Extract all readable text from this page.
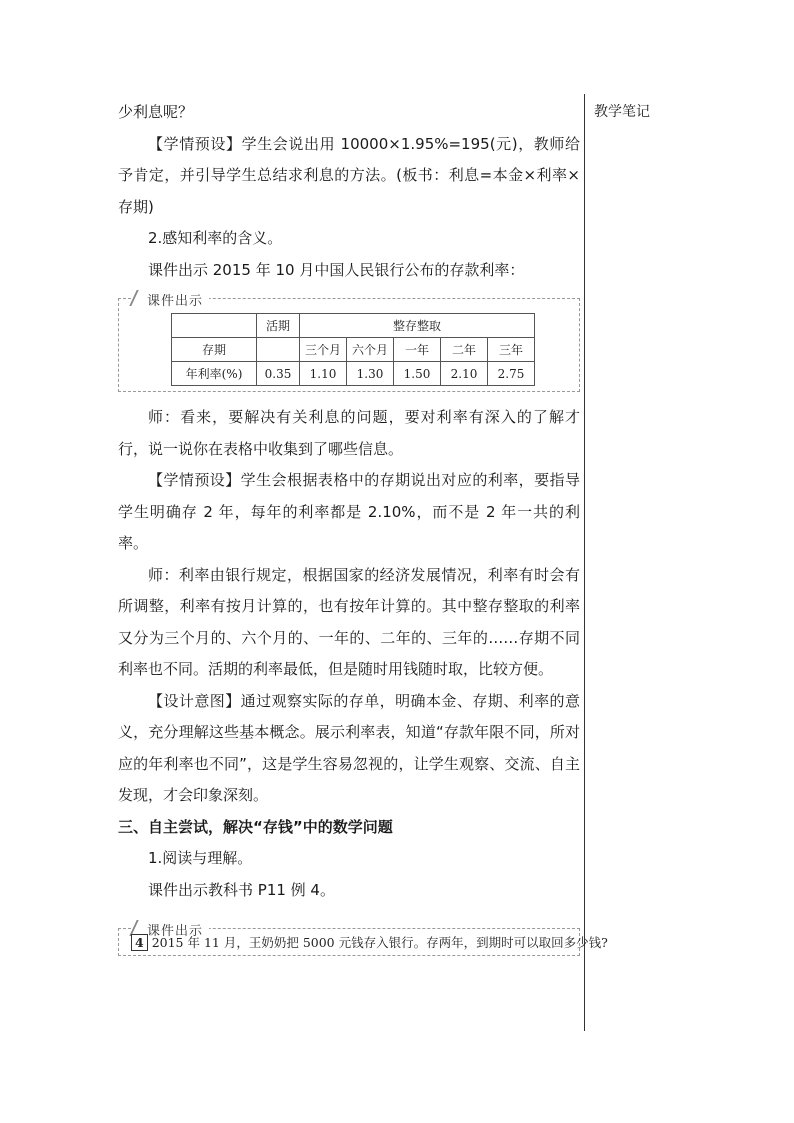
教学笔记

少利息呢？

【学情预设】学生会说出用 10000×1.95%=195(元)，教师给予肯定，并引导学生总结求利息的方法。(板书：利息=本金×利率×存期)

2.感知利率的含义。

课件出示 2015 年 10 月中国人民银行公布的存款利率：

课件出示
	活期	整存整取				
存期		三个月	六个月	一年	二年	三年
年利率(%)	0.35	1.10	1.30	1.50	2.10	2.75

师：看来，要解决有关利息的问题，要对利率有深入的了解才行，说一说你在表格中收集到了哪些信息。

【学情预设】学生会根据表格中的存期说出对应的利率，要指导学生明确存 2 年，每年的利率都是 2.10%，而不是 2 年一共的利率。

师：利率由银行规定，根据国家的经济发展情况，利率有时会有所调整，利率有按月计算的，也有按年计算的。其中整存整取的利率又分为三个月的、六个月的、一年的、二年的、三年的……存期不同利率也不同。活期的利率最低，但是随时用钱随时取，比较方便。

【设计意图】通过观察实际的存单，明确本金、存期、利率的意义，充分理解这些基本概念。展示利率表，知道“存款年限不同，所对应的年利率也不同”，这是学生容易忽视的，让学生观察、交流、自主发现，才会印象深刻。

三、自主尝试，解决“存钱”中的数学问题

1.阅读与理解。

课件出示教科书 P11 例 4。

课件出示
4 2015 年 11 月，王奶奶把 5000 元钱存入银行。存两年，到期时可以取回多少钱?
